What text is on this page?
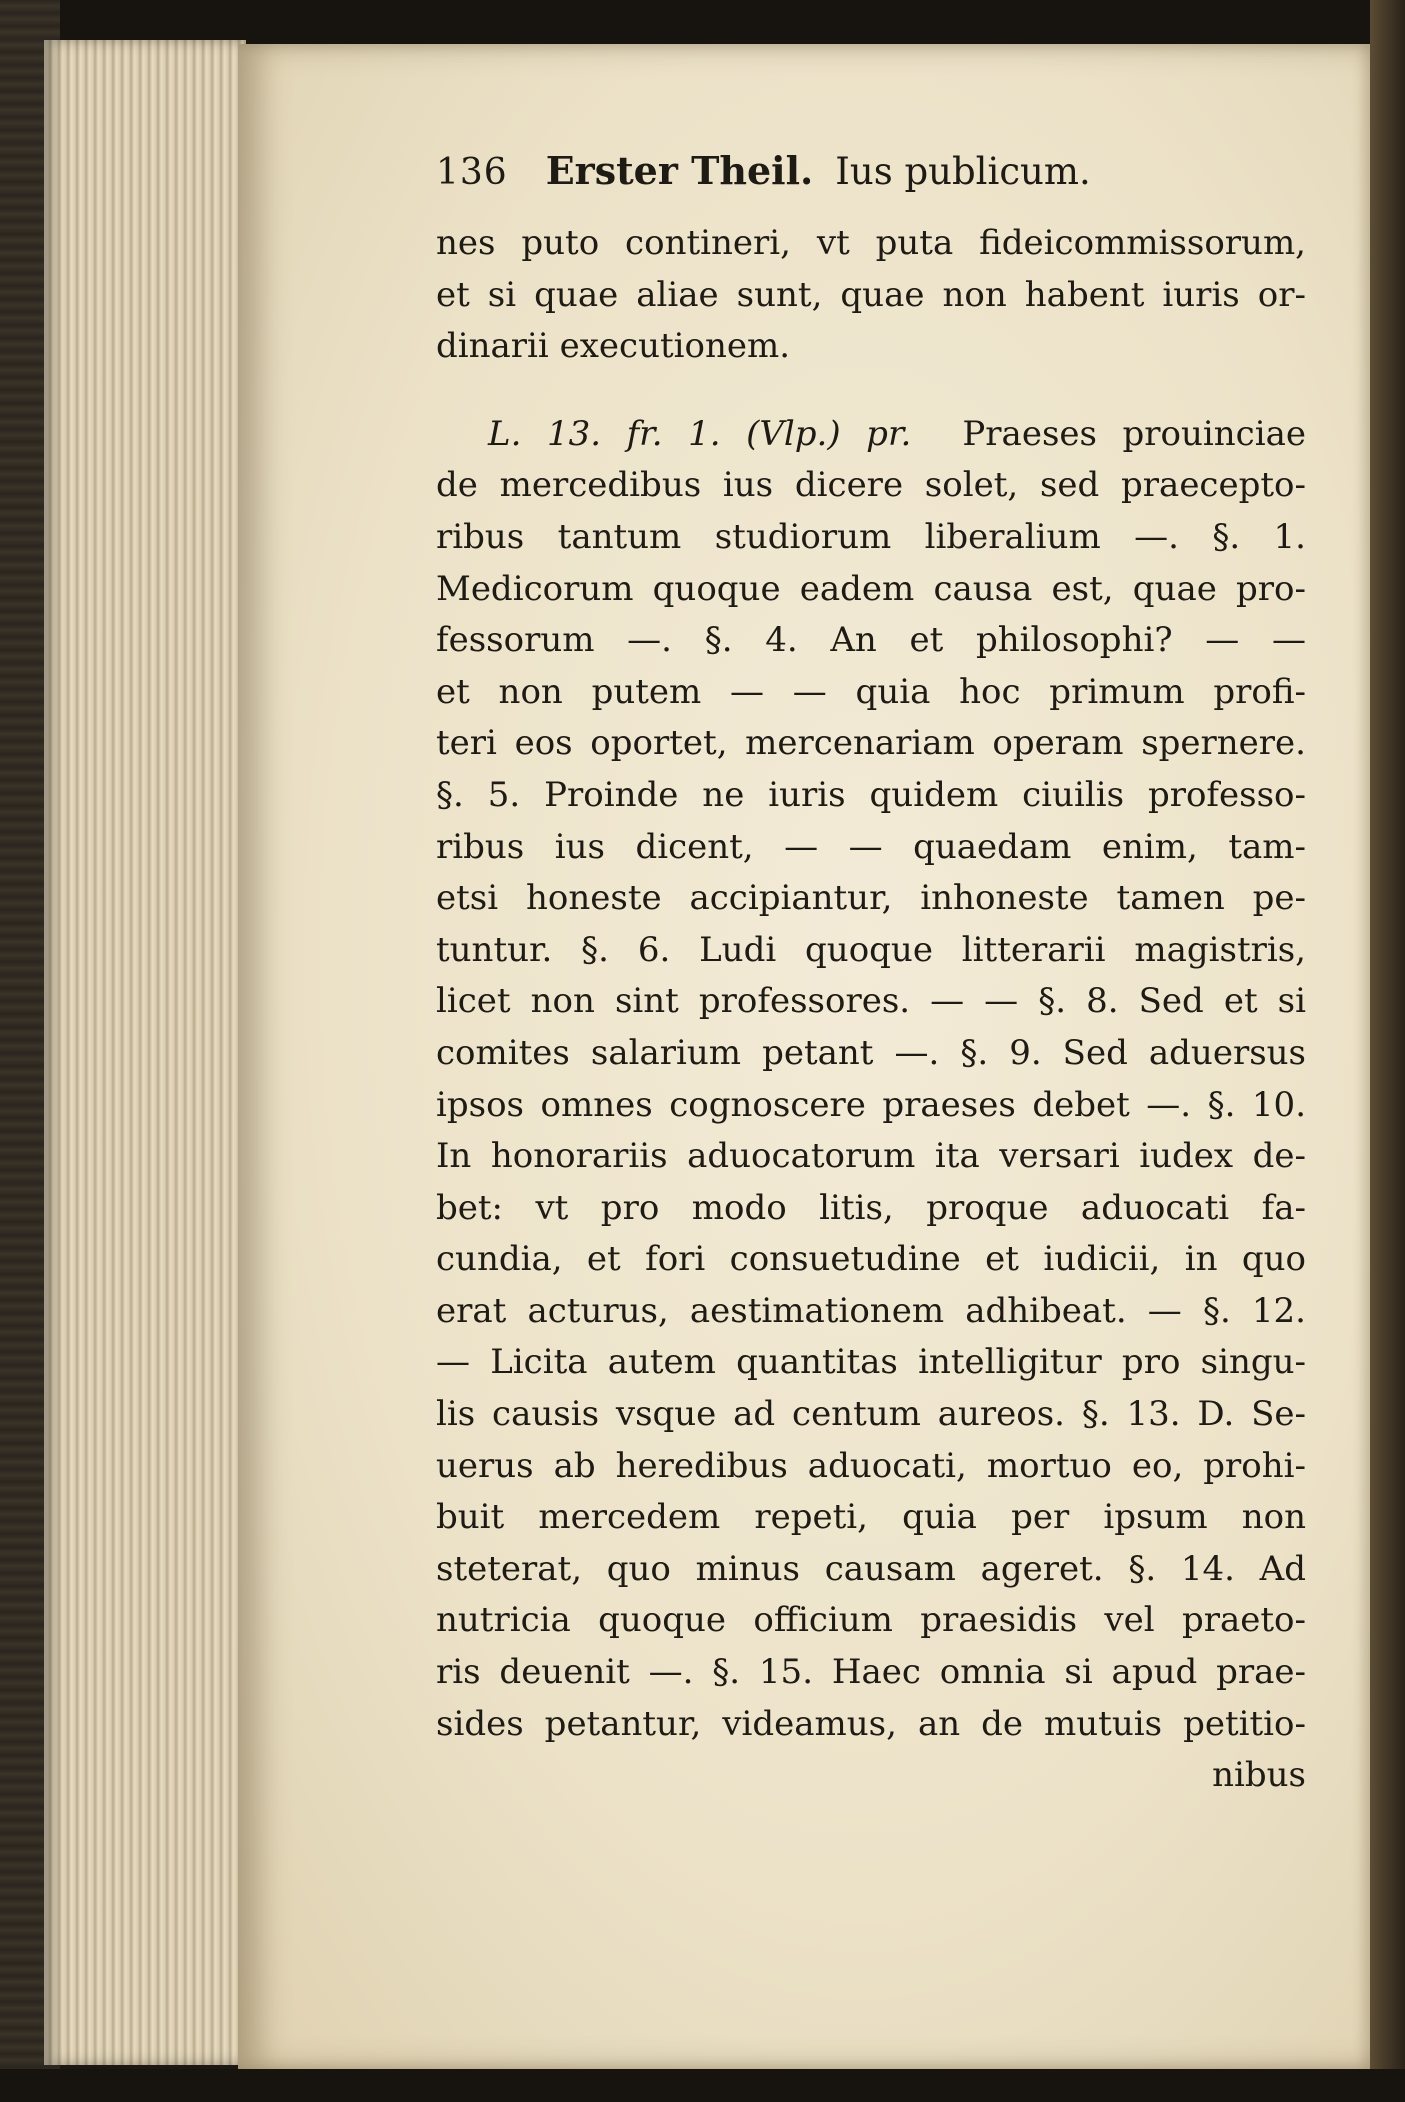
136 Erster Theil. Ius publicum.
nes puto contineri, vt puta fideicommissorum,
et si quae aliae sunt, quae non habent iuris or-
dinarii executionem.
L. 13. fr. 1. (Vlp.) pr. Praeses prouinciae
de mercedibus ius dicere solet, sed praecepto-
ribus tantum studiorum liberalium —. §. 1.
Medicorum quoque eadem causa est, quae pro-
fessorum —. §. 4. An et philosophi? — —
et non putem — — quia hoc primum profi-
teri eos oportet, mercenariam operam spernere.
§. 5. Proinde ne iuris quidem ciuilis professo-
ribus ius dicent, — — quaedam enim, tam-
etsi honeste accipiantur, inhoneste tamen pe-
tuntur. §. 6. Ludi quoque litterarii magistris,
licet non sint professores. — — §. 8. Sed et si
comites salarium petant —. §. 9. Sed aduersus
ipsos omnes cognoscere praeses debet —. §. 10.
In honorariis aduocatorum ita versari iudex de-
bet: vt pro modo litis, proque aduocati fa-
cundia, et fori consuetudine et iudicii, in quo
erat acturus, aestimationem adhibeat. — §. 12.
— Licita autem quantitas intelligitur pro singu-
lis causis vsque ad centum aureos. §. 13. D. Se-
uerus ab heredibus aduocati, mortuo eo, prohi-
buit mercedem repeti, quia per ipsum non
steterat, quo minus causam ageret. §. 14. Ad
nutricia quoque officium praesidis vel praeto-
ris deuenit —. §. 15. Haec omnia si apud prae-
sides petantur, videamus, an de mutuis petitio-
nibus
